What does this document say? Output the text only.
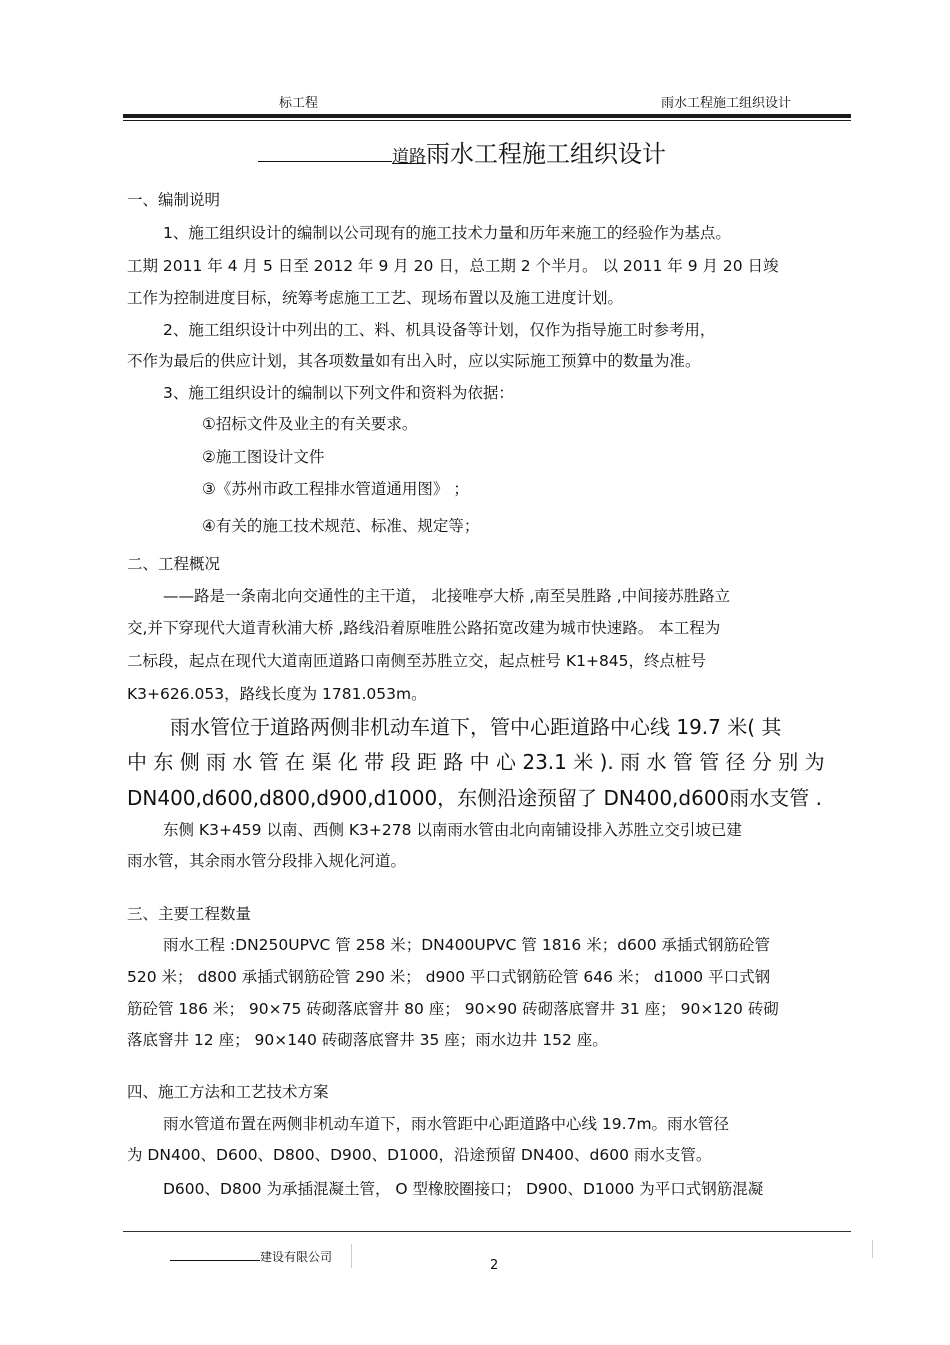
标工程	雨水工程施工组织设计
道路雨水工程施工组织设计
一、编制说明
1、施工组织设计的编制以公司现有的施工技术力量和历年来施工的经验作为基点。
工期 2011 年 4 月 5 日至 2012 年 9 月 20 日，总工期 2 个半月。 以 2011 年 9 月 20 日竣
工作为控制进度目标，统筹考虑施工工艺、现场布置以及施工进度计划。
2、施工组织设计中列出的工、料、机具设备等计划，仅作为指导施工时参考用，
不作为最后的供应计划，其各项数量如有出入时，应以实际施工预算中的数量为准。
3、施工组织设计的编制以下列文件和资料为依据：
①招标文件及业主的有关要求。
②施工图设计文件
③《苏州市政工程排水管道通用图》 ；
④有关的施工技术规范、标准、规定等；
二、工程概况
——路是一条南北向交通性的主干道， 北接唯亭大桥 ,南至吴胜路 ,中间接苏胜路立
交,并下穿现代大道青秋浦大桥 ,路线沿着原唯胜公路拓宽改建为城市快速路。 本工程为
二标段，起点在现代大道南匝道路口南侧至苏胜立交，起点桩号 K1+845，终点桩号
K3+626.053，路线长度为 1781.053m。
雨水管位于道路两侧非机动车道下，管中心距道路中心线 19.7 米( 其
中 东 侧 雨 水 管 在 渠 化 带 段 距 路 中 心 23.1 米 ). 雨 水 管 管 径 分 别 为
DN400,d600,d800,d900,d1000，东侧沿途预留了 DN400,d600雨水支管 .
东侧 K3+459 以南、西侧 K3+278 以南雨水管由北向南铺设排入苏胜立交引坡已建
雨水管，其余雨水管分段排入规化河道。
三、主要工程数量
雨水工程 :DN250UPVC 管 258 米；DN400UPVC 管 1816 米；d600 承插式钢筋砼管
520 米； d800 承插式钢筋砼管 290 米； d900 平口式钢筋砼管 646 米； d1000 平口式钢
筋砼管 186 米； 90×75 砖砌落底窨井 80 座； 90×90 砖砌落底窨井 31 座； 90×120 砖砌
落底窨井 12 座； 90×140 砖砌落底窨井 35 座；雨水边井 152 座。
四、施工方法和工艺技术方案
雨水管道布置在两侧非机动车道下，雨水管距中心距道路中心线 19.7m。雨水管径
为 DN400、D600、D800、D900、D1000，沿途预留 DN400、d600 雨水支管。
D600、D800 为承插混凝土管， O 型橡胶圈接口； D900、D1000 为平口式钢筋混凝
建设有限公司
2
